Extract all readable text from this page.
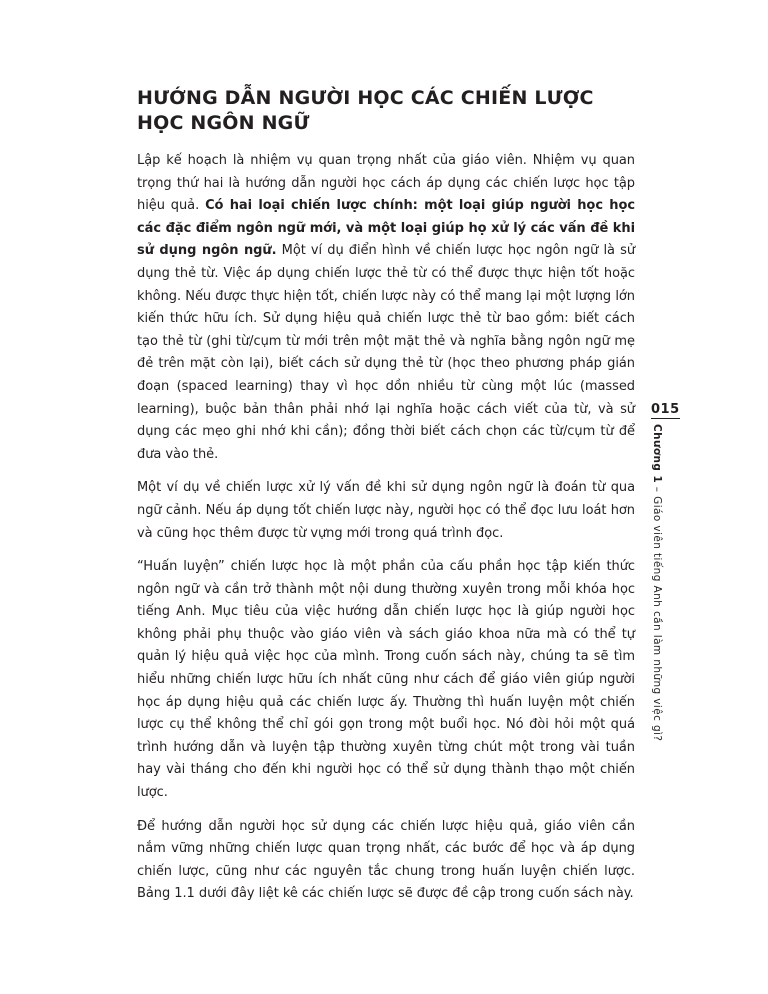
HƯỚNG DẪN NGƯỜI HỌC CÁC CHIẾN LƯỢC
HỌC NGÔN NGỮ

Lập kế hoạch là nhiệm vụ quan trọng nhất của giáo viên. Nhiệm vụ quan trọng thứ hai là hướng dẫn người học cách áp dụng các chiến lược học tập hiệu quả. Có hai loại chiến lược chính: một loại giúp người học học các đặc điểm ngôn ngữ mới, và một loại giúp họ xử lý các vấn đề khi sử dụng ngôn ngữ. Một ví dụ điển hình về chiến lược học ngôn ngữ là sử dụng thẻ từ. Việc áp dụng chiến lược thẻ từ có thể được thực hiện tốt hoặc không. Nếu được thực hiện tốt, chiến lược này có thể mang lại một lượng lớn kiến thức hữu ích. Sử dụng hiệu quả chiến lược thẻ từ bao gồm: biết cách tạo thẻ từ (ghi từ/cụm từ mới trên một mặt thẻ và nghĩa bằng ngôn ngữ mẹ đẻ trên mặt còn lại), biết cách sử dụng thẻ từ (học theo phương pháp gián đoạn (spaced learning) thay vì học dồn nhiều từ cùng một lúc (massed learning), buộc bản thân phải nhớ lại nghĩa hoặc cách viết của từ, và sử dụng các mẹo ghi nhớ khi cần); đồng thời biết cách chọn các từ/cụm từ để đưa vào thẻ.

Một ví dụ về chiến lược xử lý vấn đề khi sử dụng ngôn ngữ là đoán từ qua ngữ cảnh. Nếu áp dụng tốt chiến lược này, người học có thể đọc lưu loát hơn và cũng học thêm được từ vựng mới trong quá trình đọc.

“Huấn luyện” chiến lược học là một phần của cấu phần học tập kiến thức ngôn ngữ và cần trở thành một nội dung thường xuyên trong mỗi khóa học tiếng Anh. Mục tiêu của việc hướng dẫn chiến lược học là giúp người học không phải phụ thuộc vào giáo viên và sách giáo khoa nữa mà có thể tự quản lý hiệu quả việc học của mình. Trong cuốn sách này, chúng ta sẽ tìm hiểu những chiến lược hữu ích nhất cũng như cách để giáo viên giúp người học áp dụng hiệu quả các chiến lược ấy. Thường thì huấn luyện một chiến lược cụ thể không thể chỉ gói gọn trong một buổi học. Nó đòi hỏi một quá trình hướng dẫn và luyện tập thường xuyên từng chút một trong vài tuần hay vài tháng cho đến khi người học có thể sử dụng thành thạo một chiến lược.

Để hướng dẫn người học sử dụng các chiến lược hiệu quả, giáo viên cần nắm vững những chiến lược quan trọng nhất, các bước để học và áp dụng chiến lược, cũng như các nguyên tắc chung trong huấn luyện chiến lược. Bảng 1.1 dưới đây liệt kê các chiến lược sẽ được đề cập trong cuốn sách này.

015
Chương 1 – Giáo viên tiếng Anh cần làm những việc gì?
